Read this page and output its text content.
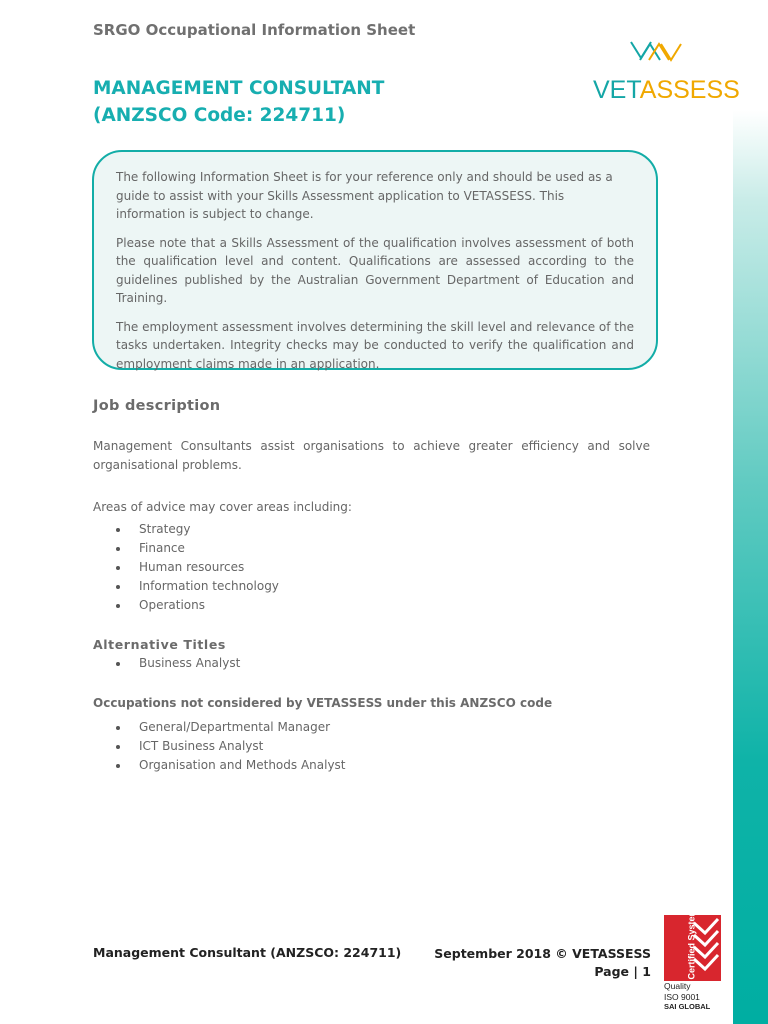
SRGO Occupational Information Sheet
VETASSESS
MANAGEMENT CONSULTANT
(ANZSCO Code: 224711)

The following Information Sheet is for your reference only and should be used as a guide to assist with your Skills Assessment application to VETASSESS. This information is subject to change.

Please note that a Skills Assessment of the qualification involves assessment of both the qualification level and content. Qualifications are assessed according to the guidelines published by the Australian Government Department of Education and Training.

The employment assessment involves determining the skill level and relevance of the tasks undertaken. Integrity checks may be conducted to verify the qualification and employment claims made in an application.

Job description

Management Consultants assist organisations to achieve greater efficiency and solve organisational problems.

Areas of advice may cover areas including:

Strategy
Finance
Human resources
Information technology
Operations
Alternative Titles
Business Analyst
Occupations not considered by VETASSESS under this ANZSCO code
General/Departmental Manager
ICT Business Analyst
Organisation and Methods Analyst
Management Consultant (ANZSCO: 224711)	September 2018 © VETASSESS
Page | 1	Certified System
Quality
ISO 9001
SAI GLOBAL
